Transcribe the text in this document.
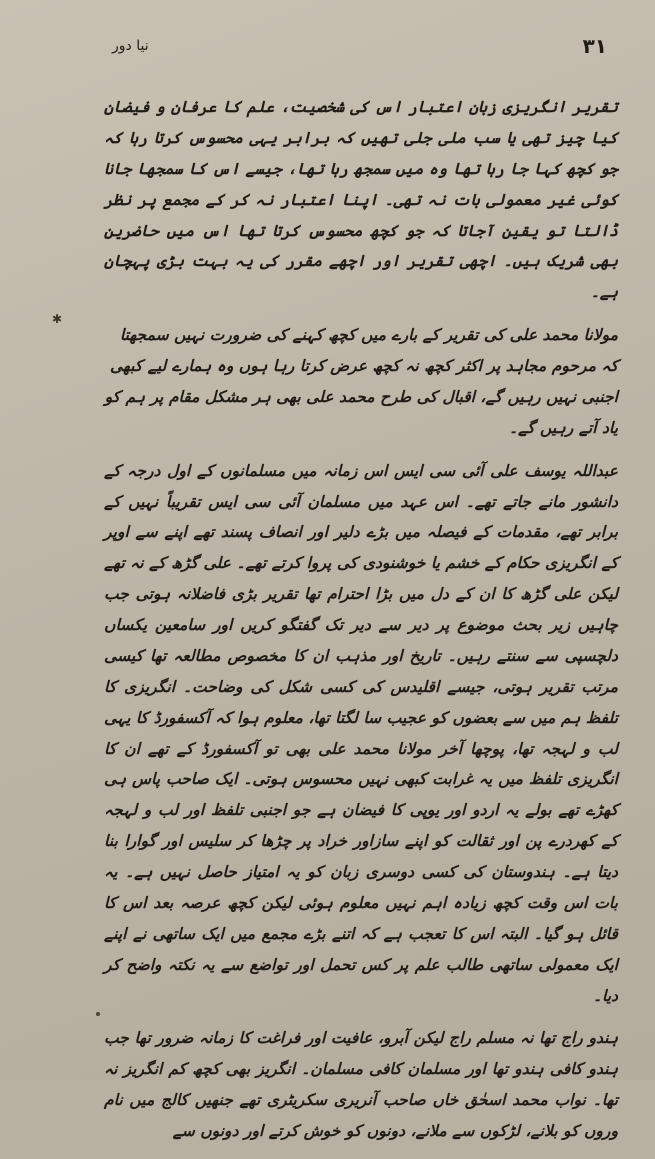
۳۱
نیا دور
✱

تقریر انگریزی زبان اعتبار اس کی شخصیت، علم کا عرفان و فیضان کیا چیز تھی یا سب ملی جلی تھیں کہ برابر یہی محسوس کرتا رہا کہ جو کچھ کہا جا رہا تھا وہ میں سمجھ رہا تھا، جیسے اس کا سمجھا جانا کوئی غیر معمولی بات نہ تھی۔ اپنا اعتبار نہ کر کے مجمع پر نظر ڈالتا تو یقین آجاتا کہ جو کچھ محسوس کرتا تھا اس میں حاضرین بھی شریک ہیں۔ اچھی تقریر اور اچھے مقرر کی یہ بہت بڑی پہچان ہے۔

مولانا محمد علی کی تقریر کے بارے میں کچھ کہنے کی ضرورت نہیں سمجھتا کہ مرحوم مجاہد پر اکثر کچھ نہ کچھ عرض کرتا رہا ہوں وہ ہمارے لیے کبھی اجنبی نہیں رہیں گے، اقبال کی طرح محمد علی بھی ہر مشکل مقام پر ہم کو یاد آتے رہیں گے۔

عبداللہ یوسف علی آئی سی ایس اس زمانہ میں مسلمانوں کے اول درجہ کے دانشور مانے جاتے تھے۔ اس عہد میں مسلمان آئی سی ایس تقریباً نہیں کے برابر تھے، مقدمات کے فیصلہ میں بڑے دلیر اور انصاف پسند تھے اپنے سے اوپر کے انگریزی حکام کے خشم یا خوشنودی کی پروا کرتے تھے۔ علی گڑھ کے نہ تھے لیکن علی گڑھ کا ان کے دل میں بڑا احترام تھا تقریر بڑی فاضلانہ ہوتی جب چاہیں زیر بحث موضوع پر دیر سے دیر تک گفتگو کریں اور سامعین یکساں دلچسپی سے سنتے رہیں۔ تاریخ اور مذہب ان کا مخصوص مطالعہ تھا کیسی مرتب تقریر ہوتی، جیسے اقلیدس کی کسی شکل کی وضاحت۔ انگریزی کا تلفظ ہم میں سے بعضوں کو عجیب سا لگتا تھا، معلوم ہوا کہ آکسفورڈ کا یہی لب و لہجہ تھا، پوچھا آخر مولانا محمد علی بھی تو آکسفورڈ کے تھے ان کا انگریزی تلفظ میں یہ غرابت کبھی نہیں محسوس ہوتی۔ ایک صاحب پاس ہی کھڑے تھے بولے یہ اردو اور یوپی کا فیضان ہے جو اجنبی تلفظ اور لب و لہجہ کے کھردرے پن اور ثقالت کو اپنے سازاور خراد پر چڑھا کر سلیس اور گوارا بنا دیتا ہے۔ ہندوستان کی کسی دوسری زبان کو یہ امتیاز حاصل نہیں ہے۔ یہ بات اس وقت کچھ زیادہ اہم نہیں معلوم ہوئی لیکن کچھ عرصہ بعد اس کا قائل ہو گیا۔ البتہ اس کا تعجب ہے کہ اتنے بڑے مجمع میں ایک ساتھی نے اپنے ایک معمولی ساتھی طالب علم پر کس تحمل اور تواضع سے یہ نکتہ واضح کر دیا۔

ہندو راج تھا نہ مسلم راج لیکن آبرو، عافیت اور فراغت کا زمانہ ضرور تھا جب ہندو کافی ہندو تھا اور مسلمان کافی مسلمان۔ انگریز بھی کچھ کم انگریز نہ تھا۔ نواب محمد اسحٰق خاں صاحب آنریری سکریٹری تھے جنھیں کالج میں نام وروں کو بلانے، لڑکوں سے ملانے، دونوں کو خوش کرتے اور دونوں سے
